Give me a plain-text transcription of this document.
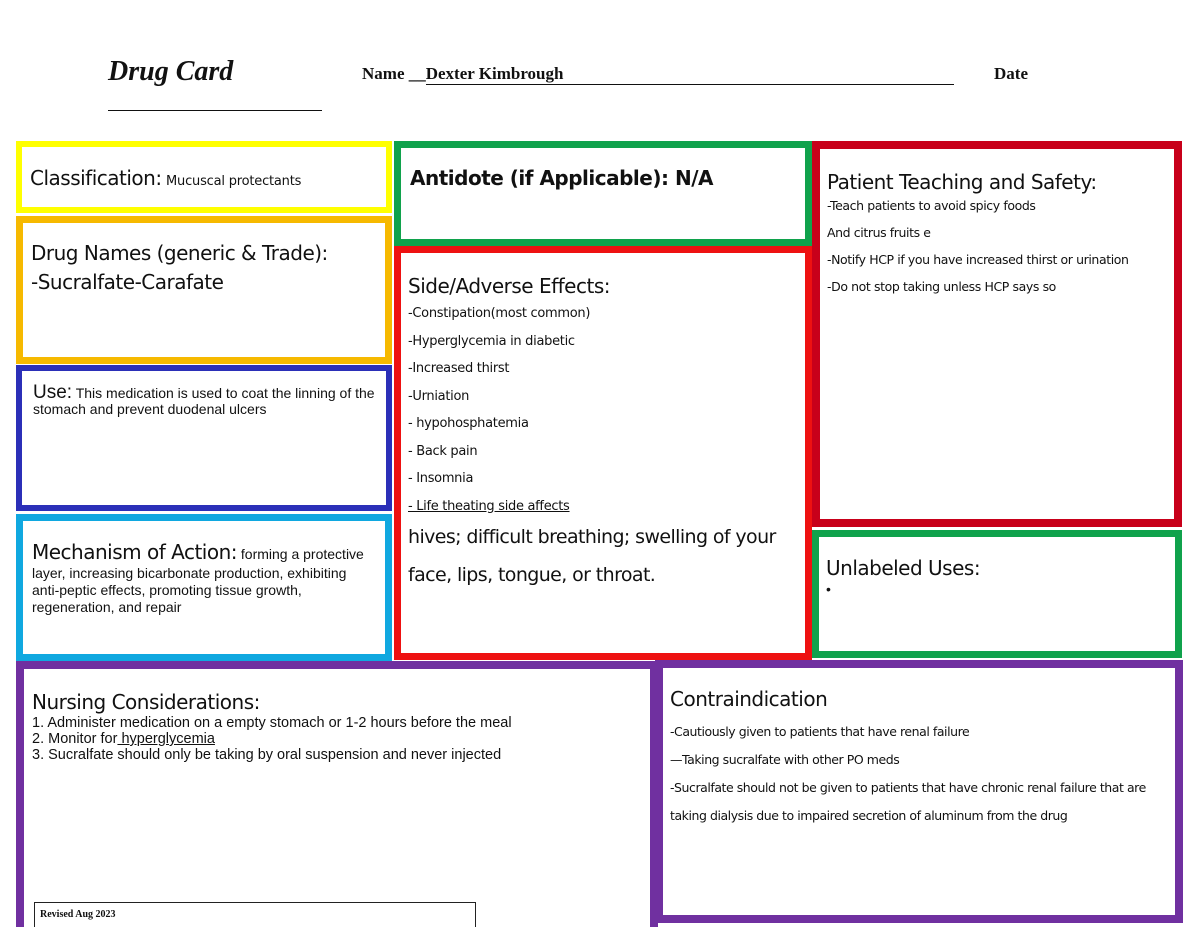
Drug Card	Name __Dexter Kimbrough	Date
Classification: Mucuscal protectants
Drug Names (generic & Trade):
-Sucralfate-Carafate
Use: This medication is used to coat the linning of the stomach and prevent duodenal ulcers
Mechanism of Action: forming a protective layer, increasing bicarbonate production, exhibiting anti-peptic effects, promoting tissue growth, regeneration, and repair
Antidote (if Applicable): N/A
Side/Adverse Effects:
-Constipation(most common)
-Hyperglycemia in diabetic
-Increased thirst
-Urniation
- hypohosphatemia
- Back pain
- Insomnia
- Life theating side affects
hives; difficult breathing; swelling of your face, lips, tongue, or throat.
Patient Teaching and Safety:
-Teach patients to avoid spicy foods
And citrus fruits e
-Notify HCP if you have increased thirst or urination
-Do not stop taking unless HCP says so
Unlabeled Uses:
•
Nursing Considerations:
1. Administer medication on a empty stomach or 1-2 hours before the meal
2. Monitor for hyperglycemia
3. Sucralfate should only be taking by oral suspension and never injected
Contraindication
-Cautiously given to patients that have renal failure
—Taking sucralfate with other PO meds
-Sucralfate should not be given to patients that have chronic renal failure that are taking dialysis due to impaired secretion of aluminum from the drug
Revised Aug 2023
